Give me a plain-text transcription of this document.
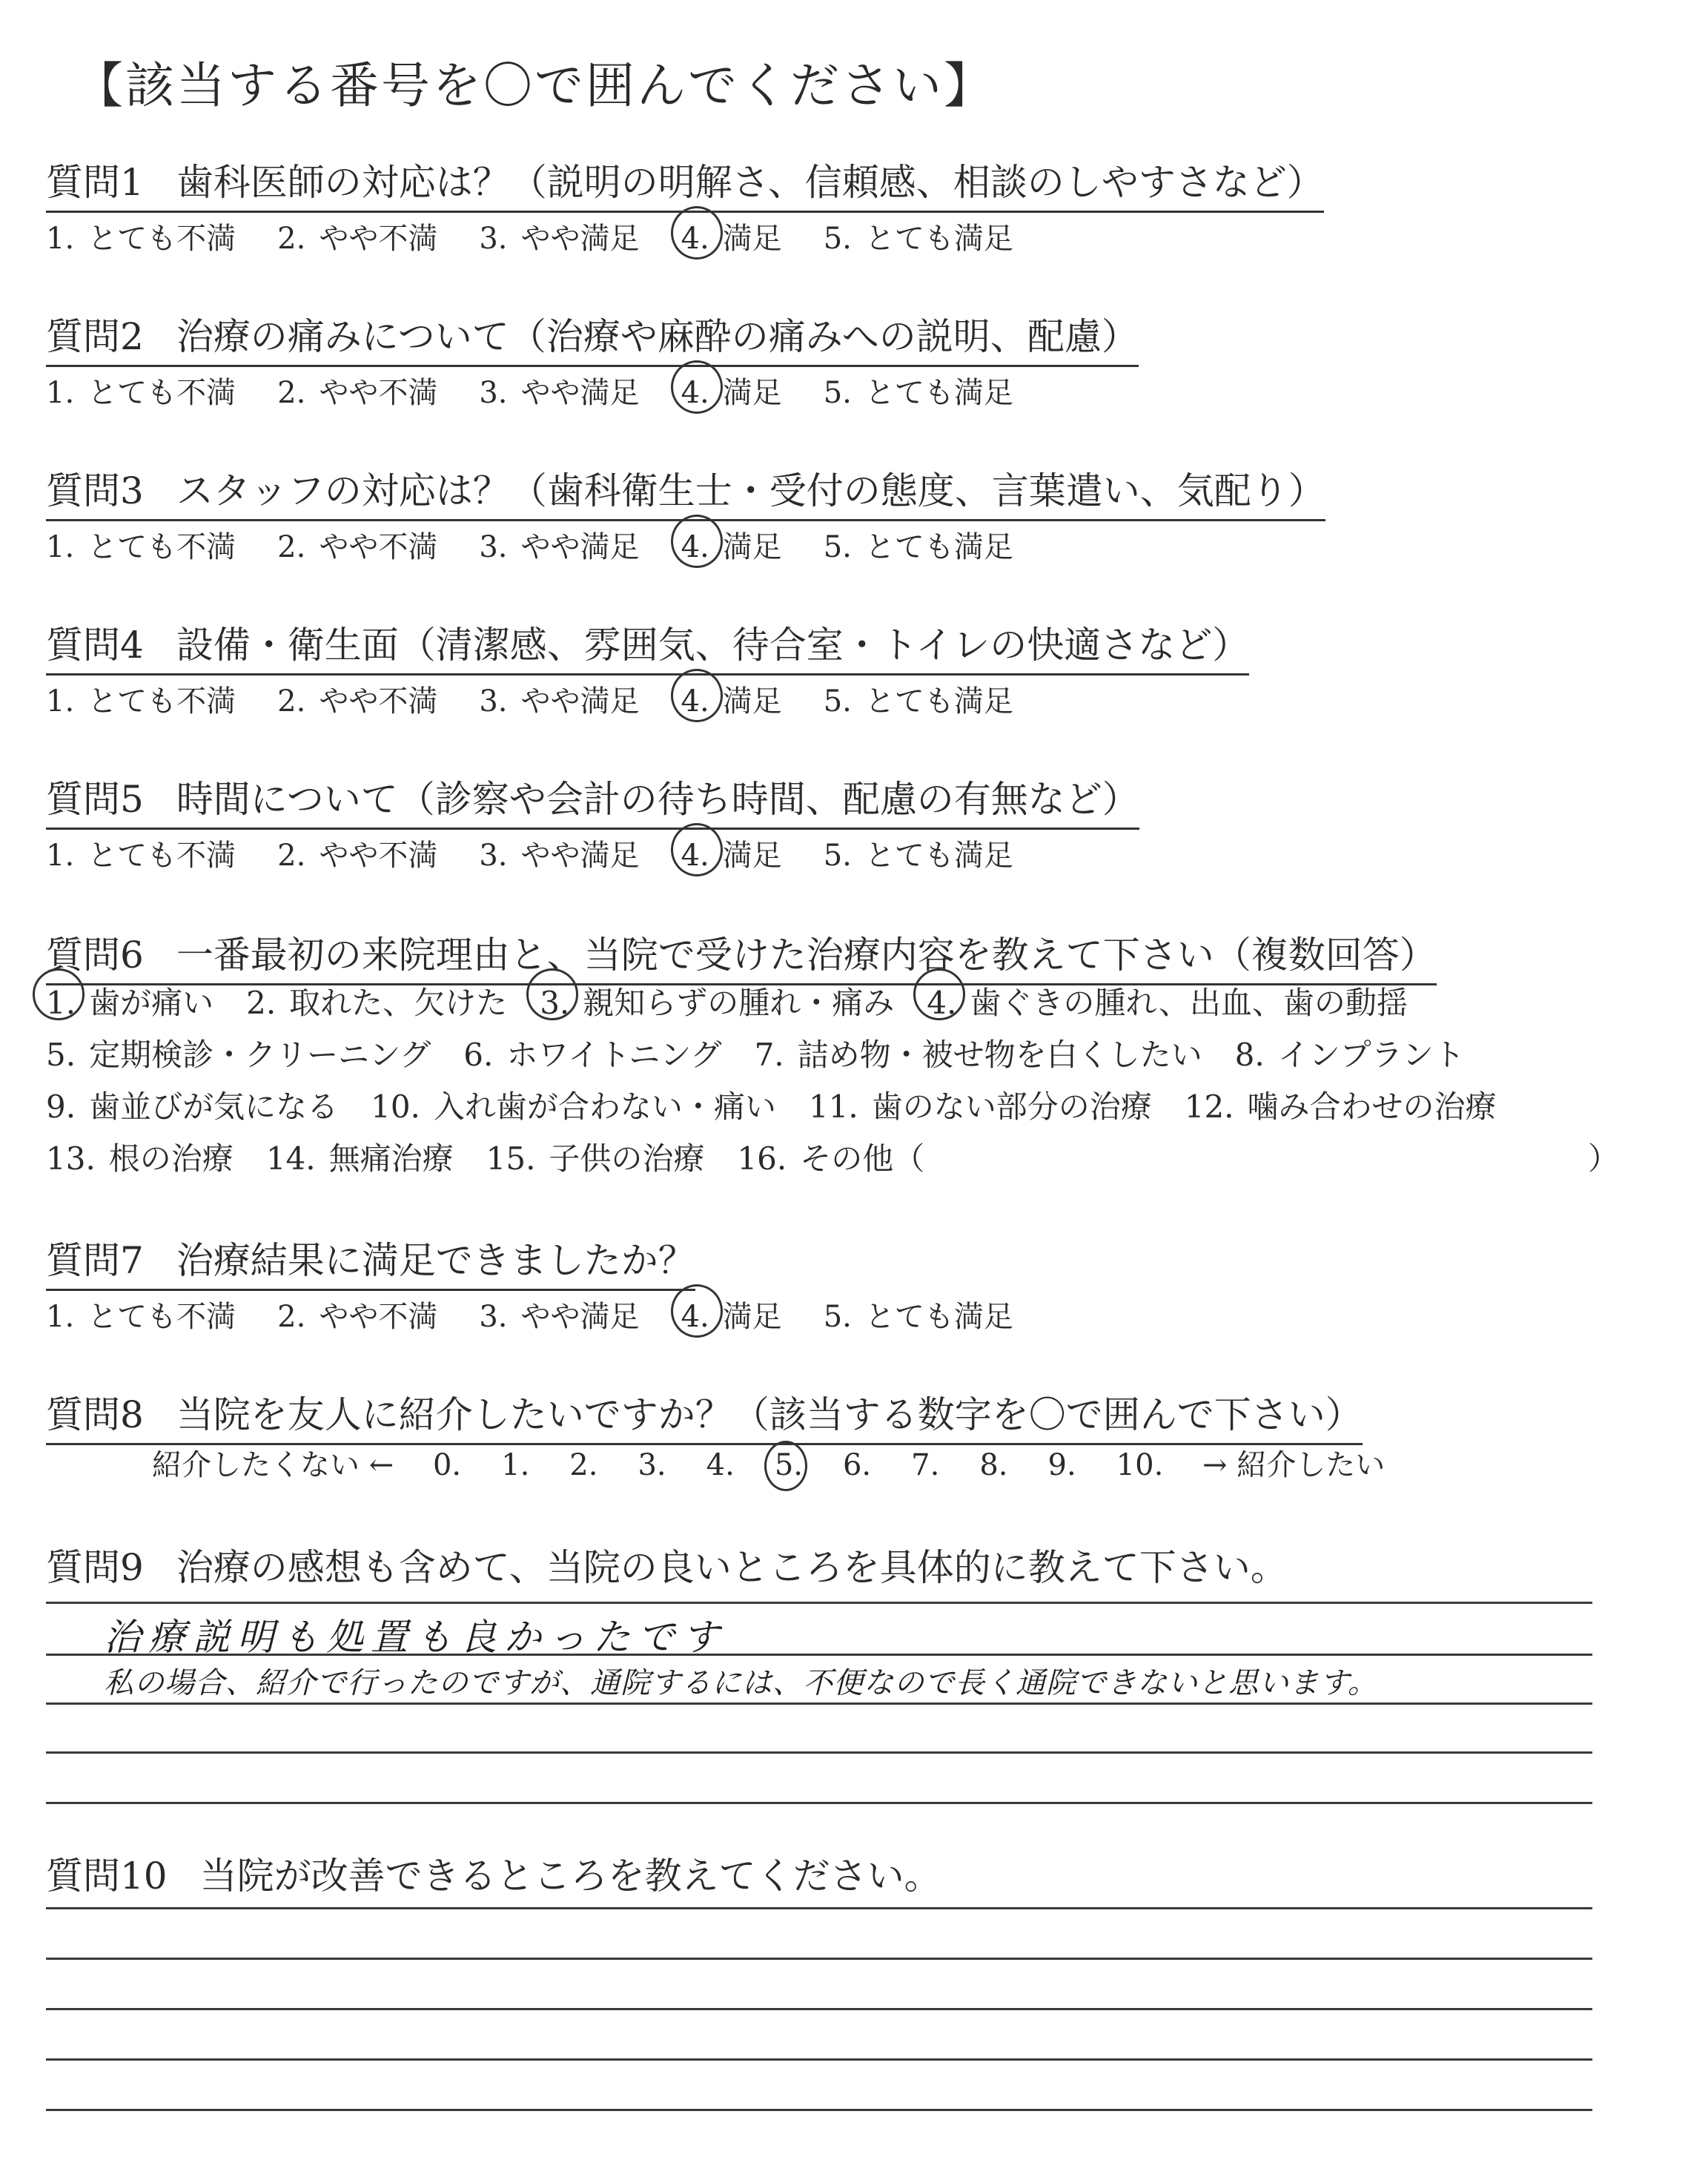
【該当する番号を〇で囲んでください】
質問1 歯科医師の対応は？（説明の明解さ、信頼感、相談のしやすさなど）
1. とても不満 2. やや不満 3. やや満足 4. 満足 5. とても満足
質問2 治療の痛みについて（治療や麻酔の痛みへの説明、配慮）
1. とても不満 2. やや不満 3. やや満足 4. 満足 5. とても満足
質問3 スタッフの対応は？（歯科衛生士・受付の態度、言葉遣い、気配り）
1. とても不満 2. やや不満 3. やや満足 4. 満足 5. とても満足
質問4 設備・衛生面（清潔感、雰囲気、待合室・トイレの快適さなど）
1. とても不満 2. やや不満 3. やや満足 4. 満足 5. とても満足
質問5 時間について（診察や会計の待ち時間、配慮の有無など）
1. とても不満 2. やや不満 3. やや満足 4. 満足 5. とても満足
質問7 治療結果に満足できましたか？
1. とても不満 2. やや不満 3. やや満足 4. 満足 5. とても満足
質問6 一番最初の来院理由と、当院で受けた治療内容を教えて下さい（複数回答）
1. 歯が痛い 2. 取れた、欠けた 3. 親知らずの腫れ・痛み 4. 歯ぐきの腫れ、出血、歯の動揺
5. 定期検診・クリーニング 6. ホワイトニング 7. 詰め物・被せ物を白くしたい 8. インプラント
9. 歯並びが気になる 10. 入れ歯が合わない・痛い 11. 歯のない部分の治療 12. 噛み合わせの治療
13. 根の治療 14. 無痛治療 15. 子供の治療 16. その他（	）
質問8 当院を友人に紹介したいですか？（該当する数字を〇で囲んで下さい）
紹介したくない ← 0. 1. 2. 3. 4. 5. 6. 7. 8. 9. 10. → 紹介したい
質問9 治療の感想も含めて、当院の良いところを具体的に教えて下さい。
治療説明も処置も良かったです
私の場合、紹介で行ったのですが、通院するには、不便なので長く通院できないと思います。
質問10 当院が改善できるところを教えてください。
